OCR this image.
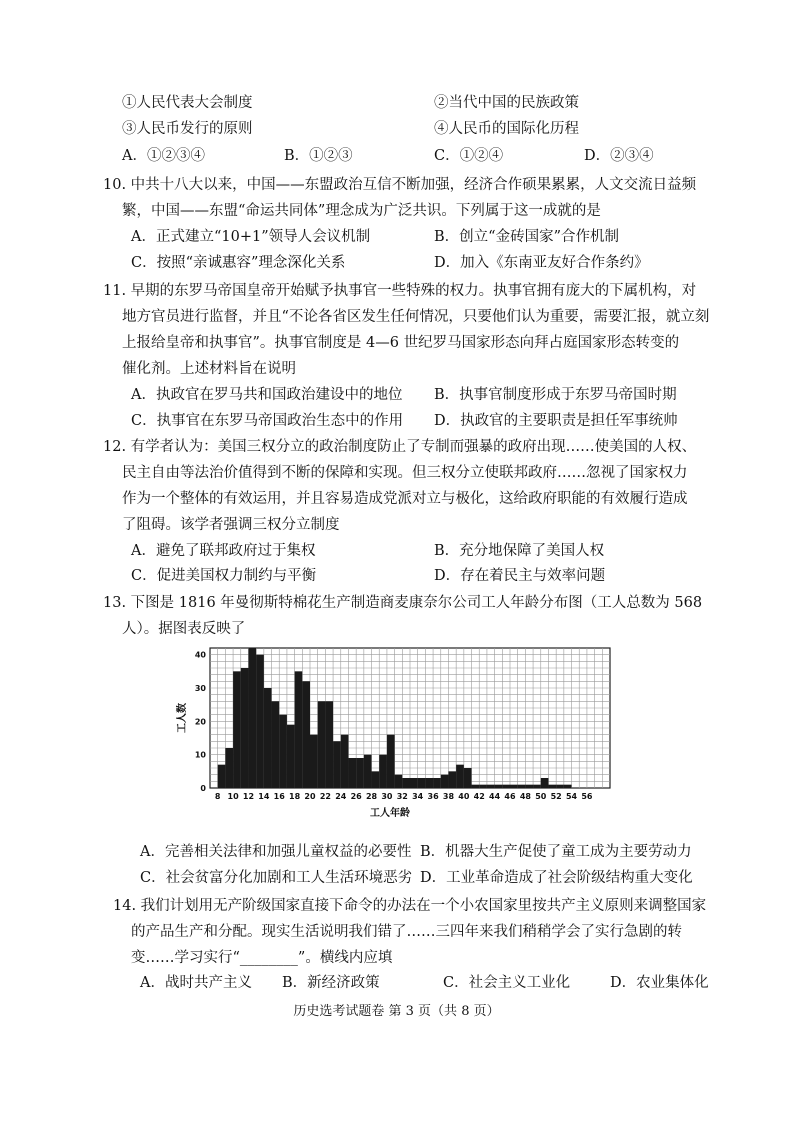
①人民代表大会制度	②当代中国的民族政策
③人民币发行的原则	④人民币的国际化历程
A．①②③④	B．①②③	C．①②④	D．②③④
10. 中共十八大以来，中国——东盟政治互信不断加强，经济合作硕果累累，人文交流日益频
繁，中国——东盟“命运共同体”理念成为广泛共识。下列属于这一成就的是
A．正式建立“10+1”领导人会议机制	B．创立“金砖国家”合作机制
C．按照“亲诚惠容”理念深化关系	D．加入《东南亚友好合作条约》
11. 早期的东罗马帝国皇帝开始赋予执事官一些特殊的权力。执事官拥有庞大的下属机构，对
地方官员进行监督，并且“不论各省区发生任何情况，只要他们认为重要，需要汇报，就立刻
上报给皇帝和执事官”。执事官制度是 4—6 世纪罗马国家形态向拜占庭国家形态转变的
催化剂。上述材料旨在说明
A．执政官在罗马共和国政治建设中的地位 B．执事官制度形成于东罗马帝国时期
C．执事官在东罗马帝国政治生态中的作用 D．执政官的主要职责是担任军事统帅
12. 有学者认为：美国三权分立的政治制度防止了专制而强暴的政府出现……使美国的人权、
民主自由等法治价值得到不断的保障和实现。但三权分立使联邦政府……忽视了国家权力
作为一个整体的有效运用，并且容易造成党派对立与极化，这给政府职能的有效履行造成
了阻碍。该学者强调三权分立制度
A．避免了联邦政府过于集权	B．充分地保障了美国人权
C．促进美国权力制约与平衡	D．存在着民主与效率问题
13. 下图是 1816 年曼彻斯特棉花生产制造商麦康奈尔公司工人年龄分布图（工人总数为 568
人）。据图表反映了
0
10
20
30
40
8 10 12 14 16 18 20 22 24 26 28 30 32 34 36 38 40 42 44 46 48 50 52 54 56
工人年龄
工人数
A．完善相关法律和加强儿童权益的必要性 B．机器大生产促使了童工成为主要劳动力
C．社会贫富分化加剧和工人生活环境恶劣 D．工业革命造成了社会阶级结构重大变化
14. 我们计划用无产阶级国家直接下命令的办法在一个小农国家里按共产主义原则来调整国家
的产品生产和分配。现实生活说明我们错了……三四年来我们稍稍学会了实行急剧的转
变……学习实行“________”。横线内应填
A．战时共产主义 B．新经济政策	C．社会主义工业化	D．农业集体化
历史选考试题卷 第 3 页（共 8 页）
